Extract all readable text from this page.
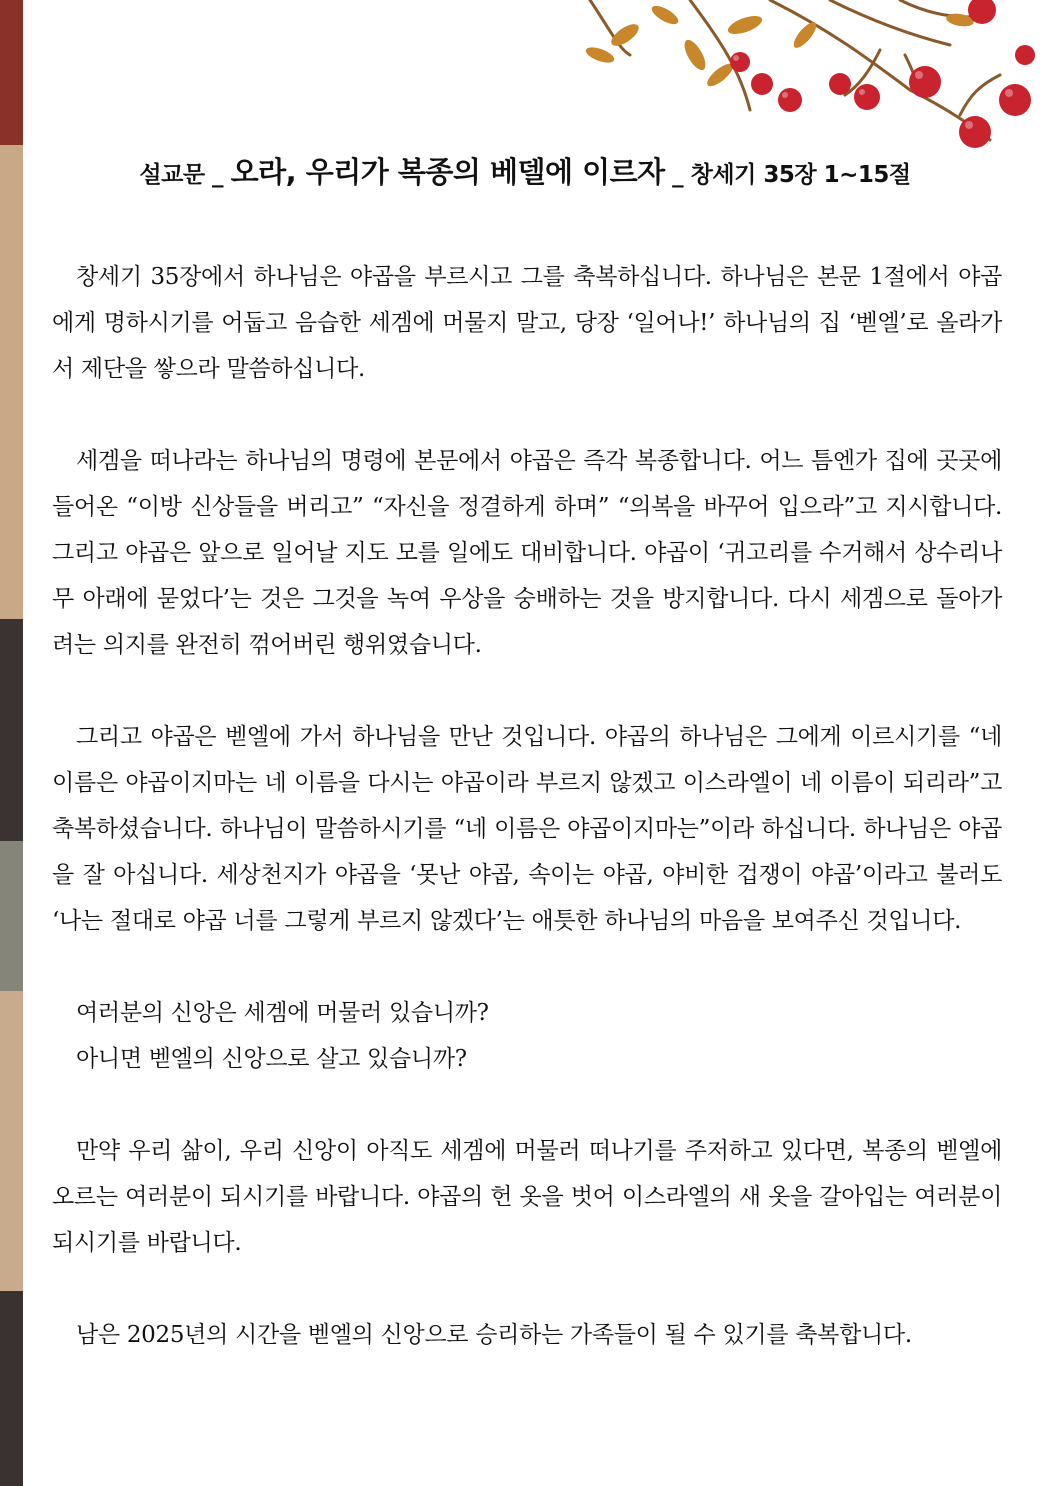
설교문 _ 오라, 우리가 복종의 베델에 이르자 _ 창세기 35장 1~15절

창세기 35장에서 하나님은 야곱을 부르시고 그를 축복하십니다. 하나님은 본문 1절에서 야곱에게 명하시기를 어둡고 음습한 세겜에 머물지 말고, 당장 ‘일어나!’ 하나님의 집 ‘벧엘’로 올라가서 제단을 쌓으라 말씀하십니다.

세겜을 떠나라는 하나님의 명령에 본문에서 야곱은 즉각 복종합니다. 어느 틈엔가 집에 곳곳에 들어온 “이방 신상들을 버리고” “자신을 정결하게 하며” “의복을 바꾸어 입으라”고 지시합니다. 그리고 야곱은 앞으로 일어날 지도 모를 일에도 대비합니다. 야곱이 ‘귀고리를 수거해서 상수리나무 아래에 묻었다’는 것은 그것을 녹여 우상을 숭배하는 것을 방지합니다. 다시 세겜으로 돌아가려는 의지를 완전히 꺾어버린 행위였습니다.

그리고 야곱은 벧엘에 가서 하나님을 만난 것입니다. 야곱의 하나님은 그에게 이르시기를 “네 이름은 야곱이지마는 네 이름을 다시는 야곱이라 부르지 않겠고 이스라엘이 네 이름이 되리라”고 축복하셨습니다. 하나님이 말씀하시기를 “네 이름은 야곱이지마는”이라 하십니다. 하나님은 야곱을 잘 아십니다. 세상천지가 야곱을 ‘못난 야곱, 속이는 야곱, 야비한 겁쟁이 야곱’이라고 불러도 ‘나는 절대로 야곱 너를 그렇게 부르지 않겠다’는 애틋한 하나님의 마음을 보여주신 것입니다.

여러분의 신앙은 세겜에 머물러 있습니까?

아니면 벧엘의 신앙으로 살고 있습니까?

만약 우리 삶이, 우리 신앙이 아직도 세겜에 머물러 떠나기를 주저하고 있다면, 복종의 벧엘에 오르는 여러분이 되시기를 바랍니다. 야곱의 헌 옷을 벗어 이스라엘의 새 옷을 갈아입는 여러분이 되시기를 바랍니다.

남은 2025년의 시간을 벧엘의 신앙으로 승리하는 가족들이 될 수 있기를 축복합니다.
